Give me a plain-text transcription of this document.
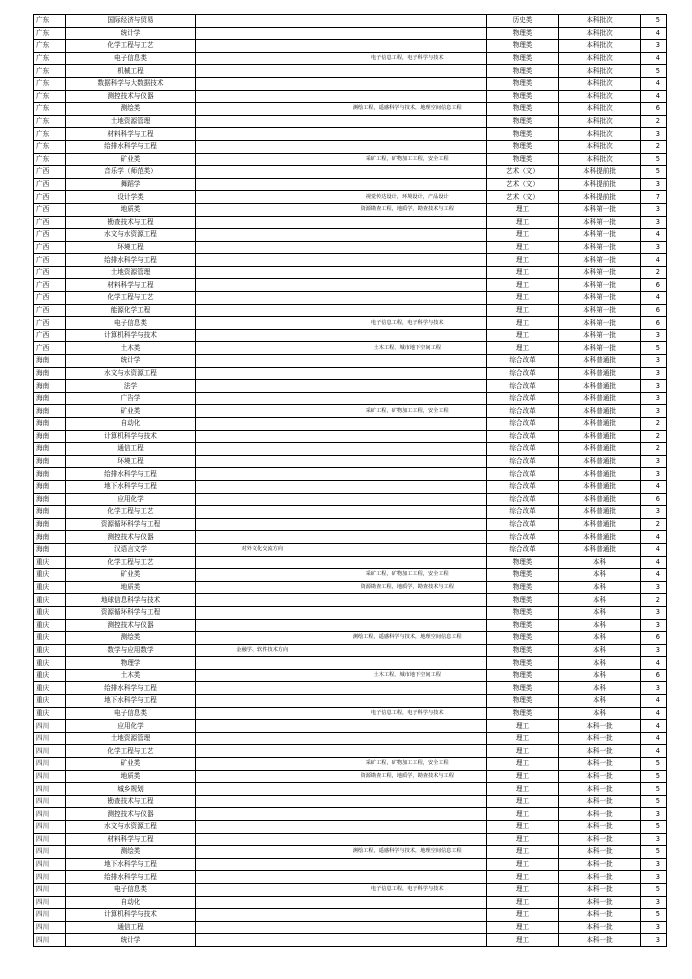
广东	国际经济与贸易			历史类	本科批次	5
广东	统计学			物理类	本科批次	4
广东	化学工程与工艺			物理类	本科批次	3
广东	电子信息类		电子信息工程，电子科学与技术	物理类	本科批次	4
广东	机械工程			物理类	本科批次	5
广东	数据科学与大数据技术			物理类	本科批次	4
广东	测控技术与仪器			物理类	本科批次	4
广东	测绘类		测绘工程，遥感科学与技术，地理空间信息工程	物理类	本科批次	6
广东	土地资源管理			物理类	本科批次	2
广东	材料科学与工程			物理类	本科批次	3
广东	给排水科学与工程			物理类	本科批次	2
广东	矿业类		采矿工程，矿物加工工程，安全工程	物理类	本科批次	5
广西	音乐学（师范类）			艺术（文）	本科提前批	5
广西	舞蹈学			艺术（文）	本科提前批	3
广西	设计学类		视觉传达设计，环境设计，产品设计	艺术（文）	本科提前批	7
广西	地质类		资源勘查工程，地质学，勘查技术与工程	理工	本科第一批	3
广西	勘查技术与工程			理工	本科第一批	3
广西	水文与水资源工程			理工	本科第一批	4
广西	环境工程			理工	本科第一批	3
广西	给排水科学与工程			理工	本科第一批	4
广西	土地资源管理			理工	本科第一批	2
广西	材料科学与工程			理工	本科第一批	6
广西	化学工程与工艺			理工	本科第一批	4
广西	能源化学工程			理工	本科第一批	6
广西	电子信息类		电子信息工程，电子科学与技术	理工	本科第一批	6
广西	计算机科学与技术			理工	本科第一批	3
广西	土木类		土木工程，城市地下空间工程	理工	本科第一批	5
海南	统计学			综合改革	本科普通批	3
海南	水文与水资源工程			综合改革	本科普通批	3
海南	法学			综合改革	本科普通批	3
海南	广告学			综合改革	本科普通批	3
海南	矿业类		采矿工程，矿物加工工程，安全工程	综合改革	本科普通批	3
海南	自动化			综合改革	本科普通批	2
海南	计算机科学与技术			综合改革	本科普通批	2
海南	通信工程			综合改革	本科普通批	2
海南	环境工程			综合改革	本科普通批	3
海南	给排水科学与工程			综合改革	本科普通批	3
海南	地下水科学与工程			综合改革	本科普通批	4
海南	应用化学			综合改革	本科普通批	6
海南	化学工程与工艺			综合改革	本科普通批	3
海南	资源循环科学与工程			综合改革	本科普通批	2
海南	测控技术与仪器			综合改革	本科普通批	4
海南	汉语言文学	对外文化交流方向		综合改革	本科普通批	4
重庆	化学工程与工艺			物理类	本科	4
重庆	矿业类		采矿工程，矿物加工工程，安全工程	物理类	本科	4
重庆	地质类		资源勘查工程，地质学，勘查技术与工程	物理类	本科	3
重庆	地球信息科学与技术			物理类	本科	2
重庆	资源循环科学与工程			物理类	本科	3
重庆	测控技术与仪器			物理类	本科	3
重庆	测绘类		测绘工程，遥感科学与技术，地理空间信息工程	物理类	本科	6
重庆	数学与应用数学	金融学、软件技术方向		物理类	本科	3
重庆	物理学			物理类	本科	4
重庆	土木类		土木工程，城市地下空间工程	物理类	本科	6
重庆	给排水科学与工程			物理类	本科	3
重庆	地下水科学与工程			物理类	本科	4
重庆	电子信息类		电子信息工程，电子科学与技术	物理类	本科	4
四川	应用化学			理工	本科一批	4
四川	土地资源管理			理工	本科一批	4
四川	化学工程与工艺			理工	本科一批	4
四川	矿业类		采矿工程，矿物加工工程，安全工程	理工	本科一批	5
四川	地质类		资源勘查工程，地质学，勘查技术与工程	理工	本科一批	5
四川	城乡规划			理工	本科一批	5
四川	勘查技术与工程			理工	本科一批	5
四川	测控技术与仪器			理工	本科一批	3
四川	水文与水资源工程			理工	本科一批	5
四川	材料科学与工程			理工	本科一批	3
四川	测绘类		测绘工程，遥感科学与技术，地理空间信息工程	理工	本科一批	5
四川	地下水科学与工程			理工	本科一批	3
四川	给排水科学与工程			理工	本科一批	3
四川	电子信息类		电子信息工程，电子科学与技术	理工	本科一批	5
四川	自动化			理工	本科一批	3
四川	计算机科学与技术			理工	本科一批	5
四川	通信工程			理工	本科一批	3
四川	统计学			理工	本科一批	3
